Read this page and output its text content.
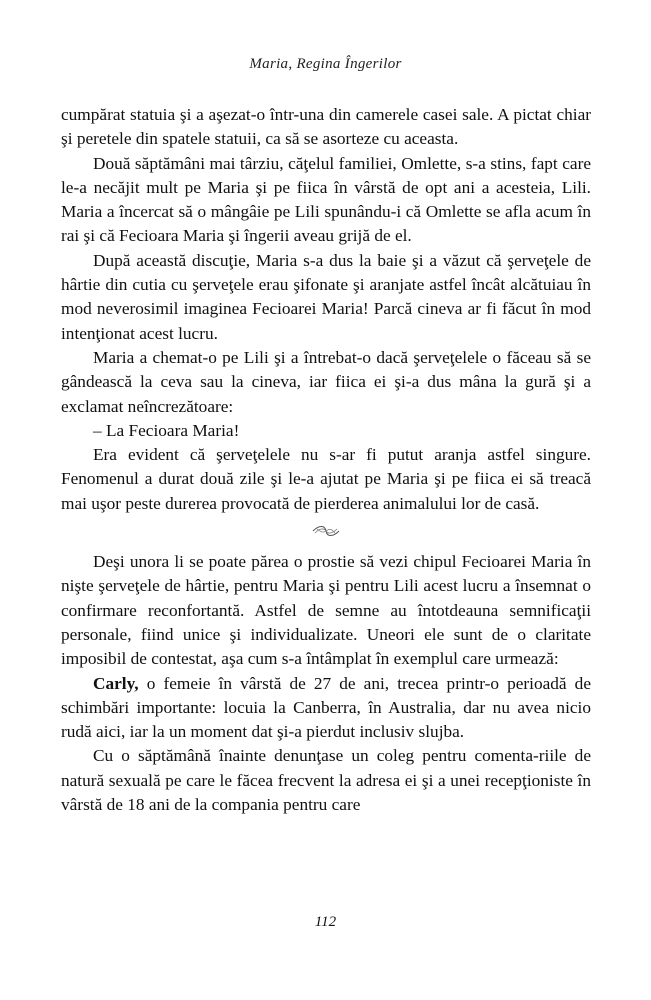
Maria, Regina Îngerilor

cumpărat statuia şi a aşezat-o într-una din camerele casei sale. A pictat chiar şi peretele din spatele statuii, ca să se asorteze cu aceasta.

Două săptămâni mai târziu, căţelul familiei, Omlette, s-a stins, fapt care le-a necăjit mult pe Maria şi pe fiica în vârstă de opt ani a acesteia, Lili. Maria a încercat să o mângâie pe Lili spunându-i că Omlette se afla acum în rai şi că Fecioara Maria şi îngerii aveau grijă de el.

După această discuţie, Maria s-a dus la baie şi a văzut că şerveţele de hârtie din cutia cu şerveţele erau şifonate şi aranjate astfel încât alcătuiau în mod neverosimil imaginea Fecioarei Maria! Parcă cineva ar fi făcut în mod intenţionat acest lucru.

Maria a chemat-o pe Lili şi a întrebat-o dacă şerveţelele o făceau să se gândească la ceva sau la cineva, iar fiica ei şi-a dus mâna la gură şi a exclamat neîncrezătoare:

– La Fecioara Maria!

Era evident că şerveţelele nu s-ar fi putut aranja astfel singure. Fenomenul a durat două zile şi le-a ajutat pe Maria şi pe fiica ei să treacă mai uşor peste durerea provocată de pierderea animalului lor de casă.

Deşi unora li se poate părea o prostie să vezi chipul Fecioarei Maria în nişte şerveţele de hârtie, pentru Maria şi pentru Lili acest lucru a însemnat o confirmare reconfortantă. Astfel de semne au întotdeauna semnificaţii personale, fiind unice şi individualizate. Uneori ele sunt de o claritate imposibil de contestat, aşa cum s-a întâmplat în exemplul care urmează:

Carly, o femeie în vârstă de 27 de ani, trecea printr-o perioadă de schimbări importante: locuia la Canberra, în Australia, dar nu avea nicio rudă aici, iar la un moment dat şi-a pierdut inclusiv slujba.

Cu o săptămână înainte denunţase un coleg pentru comenta-riile de natură sexuală pe care le făcea frecvent la adresa ei şi a unei recepţioniste în vârstă de 18 ani de la compania pentru care

112
